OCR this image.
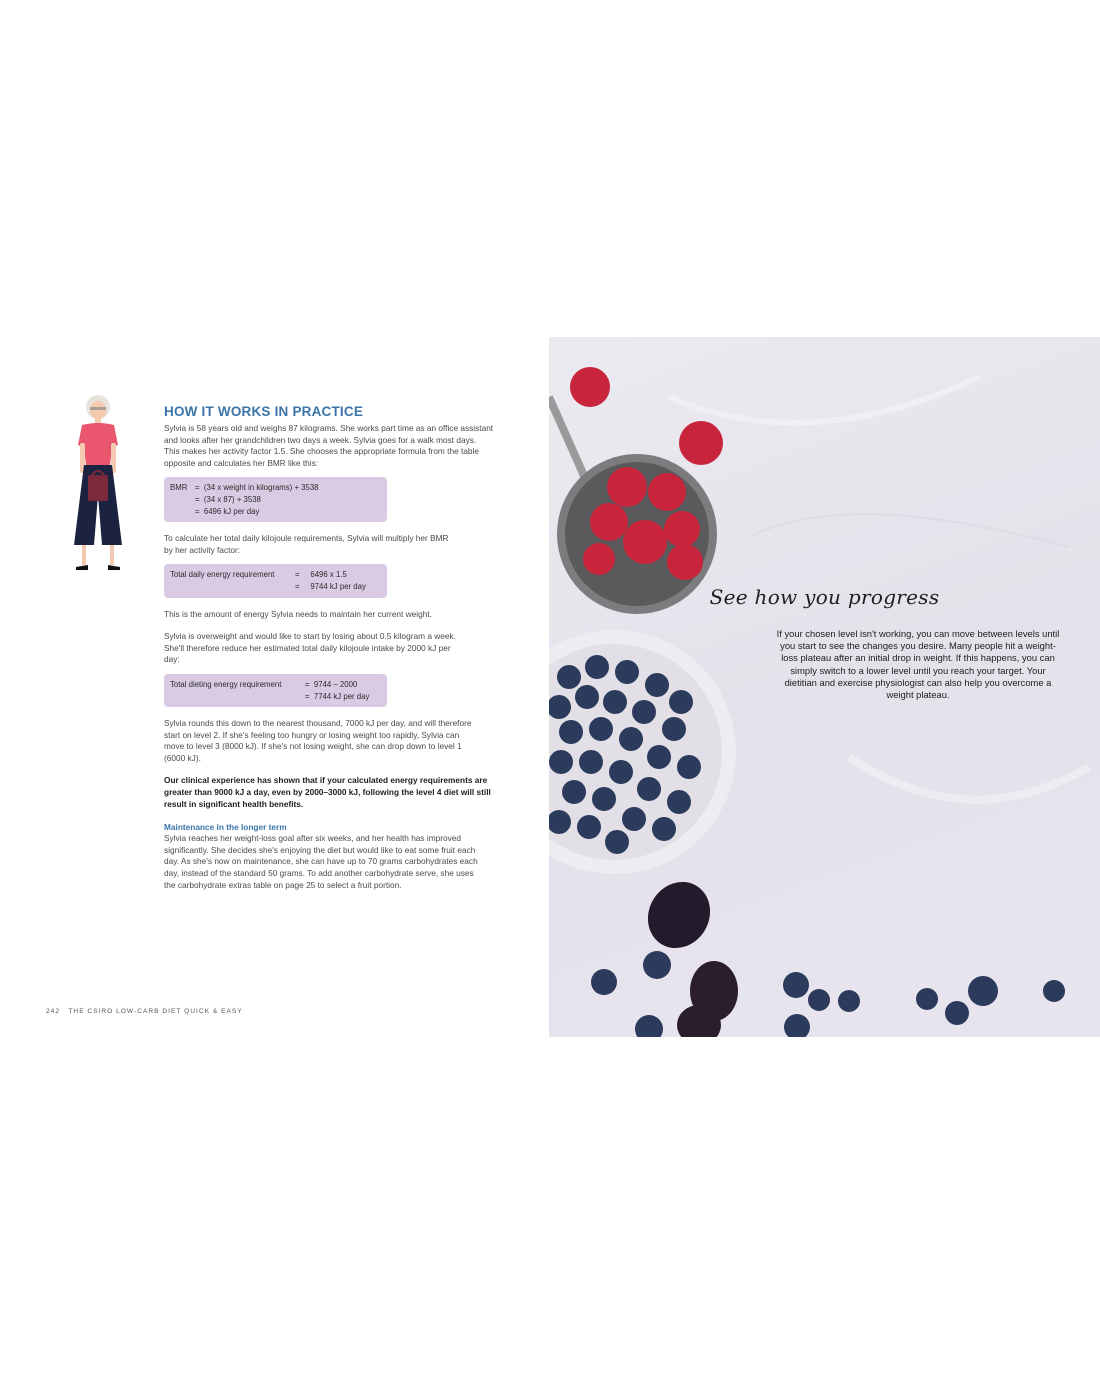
HOW IT WORKS IN PRACTICE

Sylvia is 58 years old and weighs 87 kilograms. She works part time as an office assistant and looks after her grandchildren two days a week. Sylvia goes for a walk most days. This makes her activity factor 1.5. She chooses the appropriate formula from the table opposite and calculates her BMR like this:

BMR =  (34 x weight in kilograms) + 3538
=  (34 x 87) + 3538
=  6496 kJ per day

To calculate her total daily kilojoule requirements, Sylvia will multiply her BMR by her activity factor:

Total daily energy requirement	=     6496 x 1.5
=     9744 kJ per day

This is the amount of energy Sylvia needs to maintain her current weight.

Sylvia is overweight and would like to start by losing about 0.5 kilogram a week. She'll therefore reduce her estimated total daily kilojoule intake by 2000 kJ per day:

Total dieting energy requirement	=  9744 – 2000
=  7744 kJ per day

Sylvia rounds this down to the nearest thousand, 7000 kJ per day, and will therefore start on level 2. If she's feeling too hungry or losing weight too rapidly, Sylvia can move to level 3 (8000 kJ). If she's not losing weight, she can drop down to level 1 (6000 kJ).

Our clinical experience has shown that if your calculated energy requirements are greater than 9000 kJ a day, even by 2000–3000 kJ, following the level 4 diet will still result in significant health benefits.

Maintenance in the longer term

Sylvia reaches her weight-loss goal after six weeks, and her health has improved significantly. She decides she's enjoying the diet but would like to eat some fruit each day. As she's now on maintenance, she can have up to 70 grams carbohydrates each day, instead of the standard 50 grams. To add another carbohydrate serve, she uses the carbohydrate extras table on page 25 to select a fruit portion.

242 THE CSIRO LOW-CARB DIET QUICK & EASY
See how you progress

If your chosen level isn't working, you can move between levels until you start to see the changes you desire. Many people hit a weight-loss plateau after an initial drop in weight. If this happens, you can simply switch to a lower level until you reach your target. Your dietitian and exercise physiologist can also help you overcome a weight plateau.
